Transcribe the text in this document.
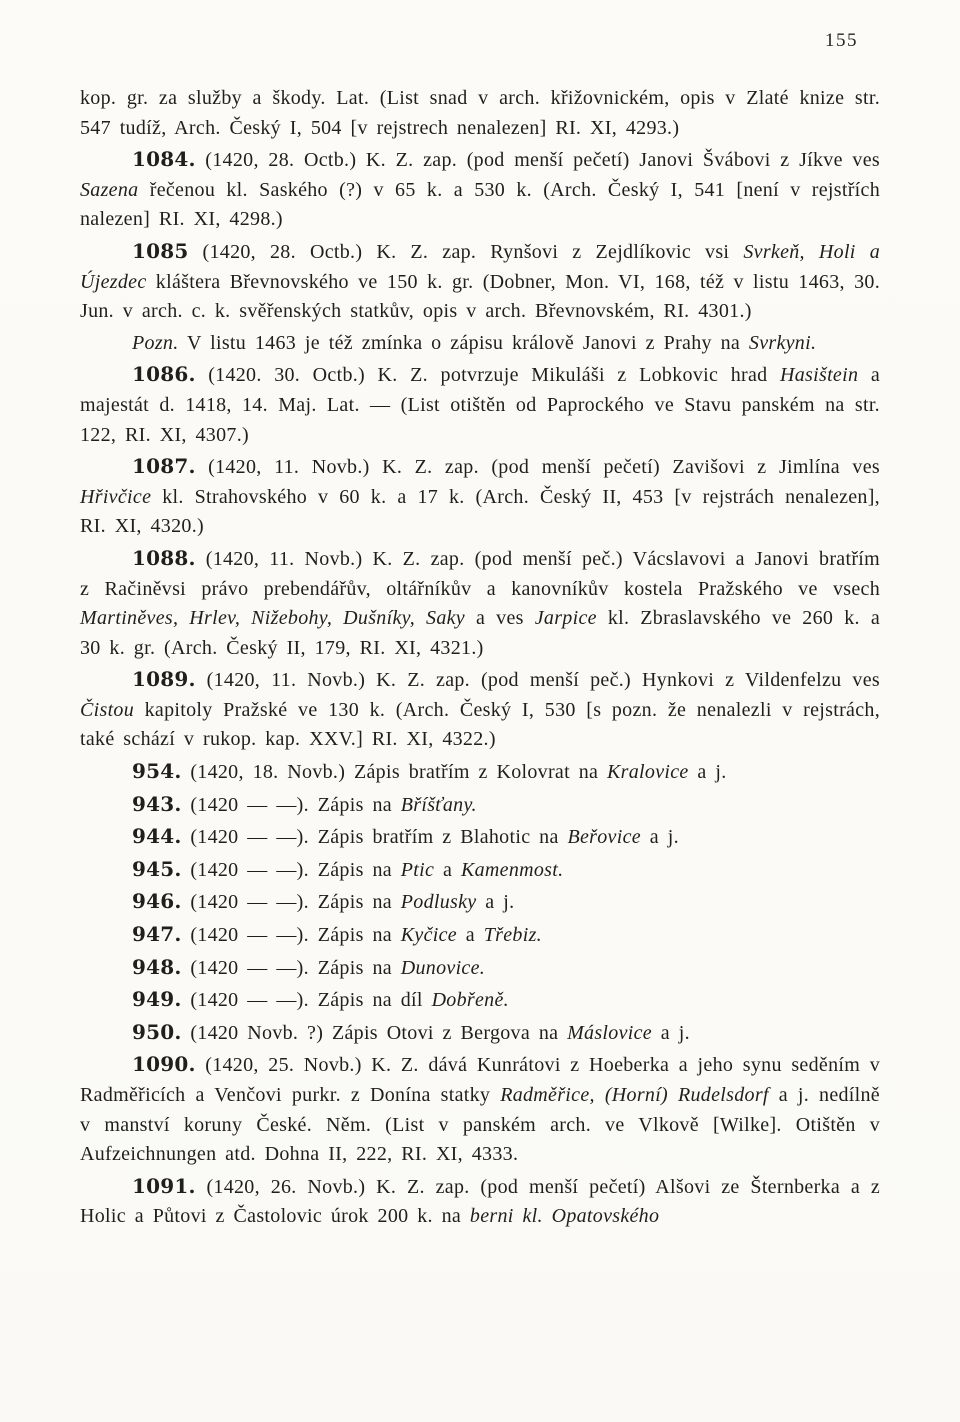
155

kop. gr. za služby a škody. Lat. (List snad v arch. křižovnickém, opis v Zlaté knize str. 547 tudíž, Arch. Český I, 504 [v rejstrech nenalezen] RI. XI, 4293.)

1084. (1420, 28. Octb.) K. Z. zap. (pod menší pečetí) Janovi Švábovi z Jíkve ves Sazena řečenou kl. Saského (?) v 65 k. a 530 k. (Arch. Český I, 541 [není v rejstřích nalezen] RI. XI, 4298.)

1085 (1420, 28. Octb.) K. Z. zap. Rynšovi z Zejdlíkovic vsi Svrkeň, Holi a Újezdec kláštera Břevnovského ve 150 k. gr. (Dobner, Mon. VI, 168, též v listu 1463, 30. Jun. v arch. c. k. svěřenských statkův, opis v arch. Břevnovském, RI. 4301.)

Pozn. V listu 1463 je též zmínka o zápisu králově Janovi z Prahy na Svrkyni.

1086. (1420. 30. Octb.) K. Z. potvrzuje Mikuláši z Lobkovic hrad Hasištein a majestát d. 1418, 14. Maj. Lat. — (List otištěn od Paprockého ve Stavu panském na str. 122, RI. XI, 4307.)

1087. (1420, 11. Novb.) K. Z. zap. (pod menší pečetí) Zavišovi z Jimlína ves Hřivčice kl. Strahovského v 60 k. a 17 k. (Arch. Český II, 453 [v rejstrách nenalezen], RI. XI, 4320.)

1088. (1420, 11. Novb.) K. Z. zap. (pod menší peč.) Vácslavovi a Janovi bratřím z Račiněvsi právo prebendářův, oltářníkův a kanovníkův kostela Pražského ve vsech Martiněves, Hrlev, Nižebohy, Dušníky, Saky a ves Jarpice kl. Zbraslavského ve 260 k. a 30 k. gr. (Arch. Český II, 179, RI. XI, 4321.)

1089. (1420, 11. Novb.) K. Z. zap. (pod menší peč.) Hynkovi z Vildenfelzu ves Čistou kapitoly Pražské ve 130 k. (Arch. Český I, 530 [s pozn. že nenalezli v rejstrách, také schází v rukop. kap. XXV.] RI. XI, 4322.)

954. (1420, 18. Novb.) Zápis bratřím z Kolovrat na Kralovice a j.

943. (1420 — —). Zápis na Bříšťany.

944. (1420 — —). Zápis bratřím z Blahotic na Beřovice a j.

945. (1420 — —). Zápis na Ptic a Kamenmost.

946. (1420 — —). Zápis na Podlusky a j.

947. (1420 — —). Zápis na Kyčice a Třebiz.

948. (1420 — —). Zápis na Dunovice.

949. (1420 — —). Zápis na díl Dobřeně.

950. (1420 Novb. ?) Zápis Otovi z Bergova na Máslovice a j.

1090. (1420, 25. Novb.) K. Z. dává Kunrátovi z Hoeberka a jeho synu seděním v Radměřicích a Venčovi purkr. z Donína statky Radměřice, (Horní) Rudelsdorf a j. nedílně v manství koruny České. Něm. (List v panském arch. ve Vlkově [Wilke]. Otištěn v Aufzeichnungen atd. Dohna II, 222, RI. XI, 4333.

1091. (1420, 26. Novb.) K. Z. zap. (pod menší pečetí) Alšovi ze Šternberka a z Holic a Půtovi z Častolovic úrok 200 k. na berni kl. Opatovského
